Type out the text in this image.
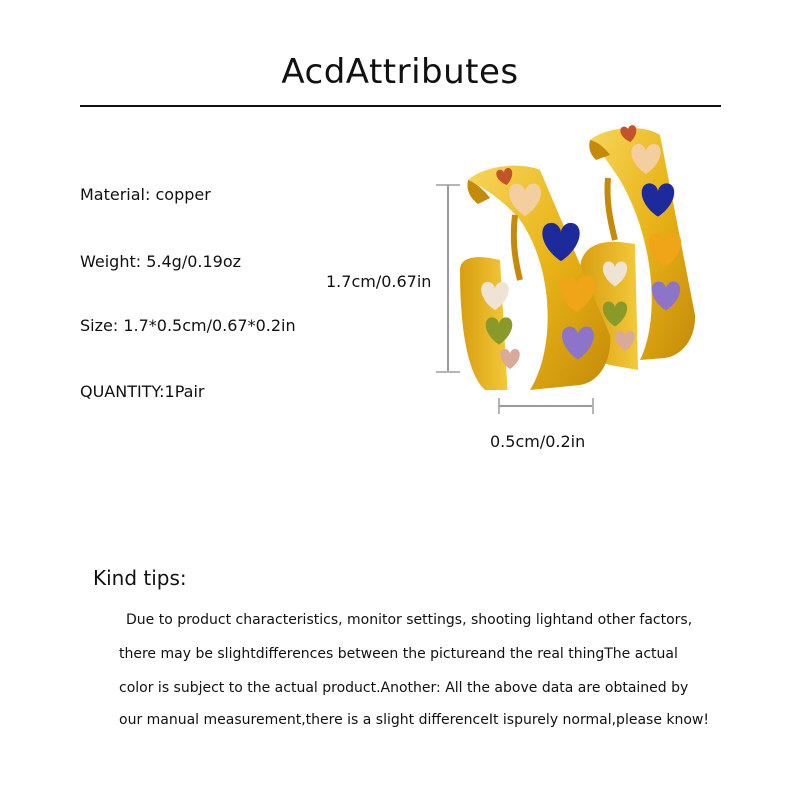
AcdAttributes
Material: copper
Weight: 5.4g/0.19oz
Size: 1.7*0.5cm/0.67*0.2in
QUANTITY:1Pair
1.7cm/0.67in
0.5cm/0.2in
Kind tips:
Due to product characteristics, monitor settings, shooting lightand other factors,
there may be slightdifferences between the pictureand the real thingThe actual
color is subject to the actual product.Another: All the above data are obtained by
our manual measurement,there is a slight differenceIt ispurely normal,please know!
